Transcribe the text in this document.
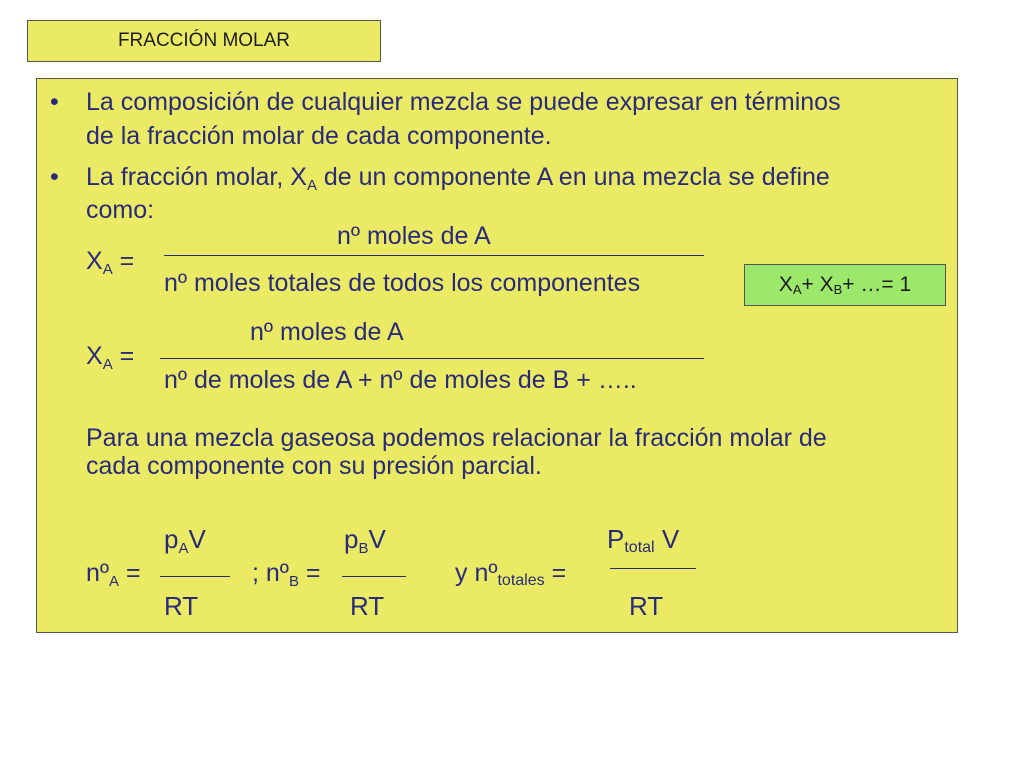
FRACCIÓN MOLAR
• La composición de cualquier mezcla se puede expresar en términos
de la fracción molar de cada componente.
• La fracción molar, $X_A$ de un componente A en una mezcla se define
como:
nº moles de A
$X_A$ =
nº moles totales de todos los componentes	X A + X B + …= 1
nº moles de A
$X_A$ =
nº de moles de A + nº de moles de B + …..
Para una mezcla gaseosa podemos relacionar la fracción molar de
cada componente con su presión parcial.
pAV
nº$_A$ =
RT
pBV
; nº$_B$ =
RT
Ptotal V
y nºtotales =
RT
